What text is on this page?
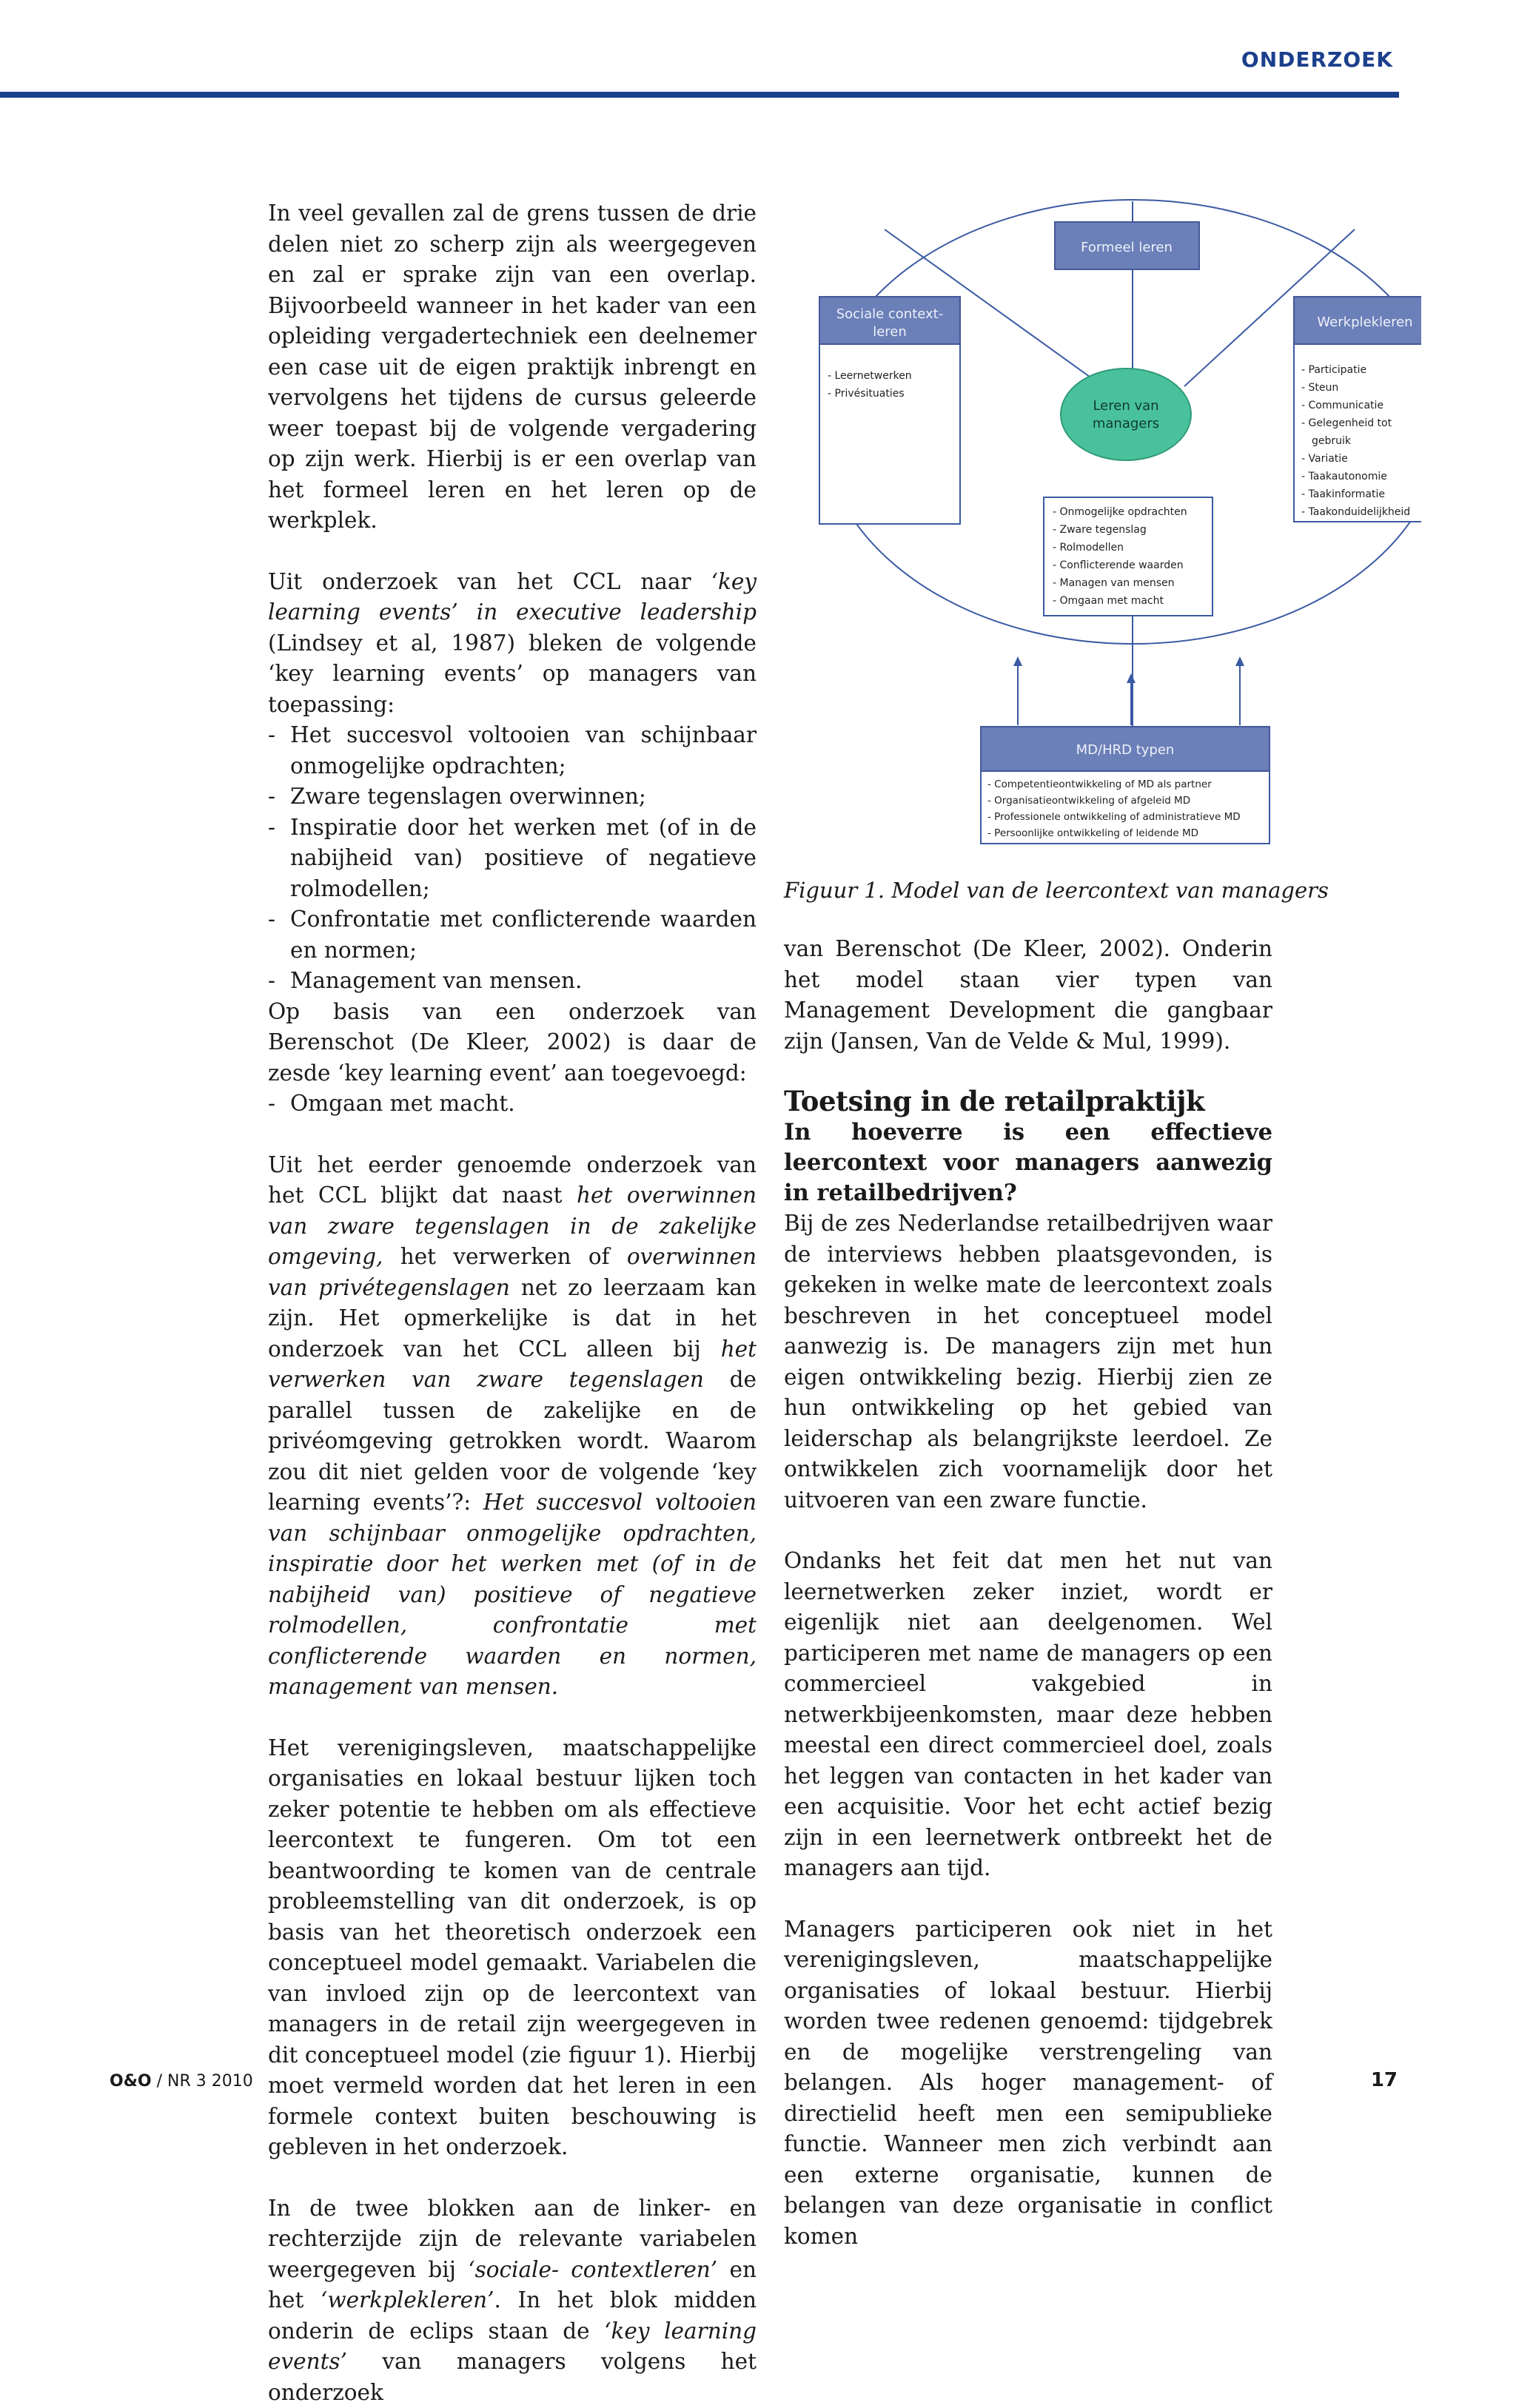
ONDERZOEK

In veel gevallen zal de grens tussen de drie delen niet zo scherp zijn als weergegeven en zal er sprake zijn van een overlap. Bijvoorbeeld wanneer in het kader van een opleiding vergadertechniek een deelnemer een case uit de eigen praktijk inbrengt en vervolgens het tijdens de cursus geleerde weer toepast bij de volgende vergadering op zijn werk. Hierbij is er een overlap van het formeel leren en het leren op de werkplek.

Uit onderzoek van het CCL naar ‘key learning events’ in executive leadership (Lindsey et al, 1987) bleken de volgende ‘key learning events’ op managers van toepassing:

- Het succesvol voltooien van schijnbaar onmogelijke opdrachten;
- Zware tegenslagen overwinnen;
- Inspiratie door het werken met (of in de nabijheid van) positieve of negatieve rolmodellen;
- Confrontatie met conflicterende waarden en normen;
- Management van mensen.

Op basis van een onderzoek van Berenschot (De Kleer, 2002) is daar de zesde ‘key learning event’ aan toegevoegd:

- Omgaan met macht.

Uit het eerder genoemde onderzoek van het CCL blijkt dat naast het overwinnen van zware tegenslagen in de zakelijke omgeving, het verwerken of overwinnen van privétegenslagen net zo leerzaam kan zijn. Het opmerkelijke is dat in het onderzoek van het CCL alleen bij het verwerken van zware tegenslagen de parallel tussen de zakelijke en de privéomgeving getrokken wordt. Waarom zou dit niet gelden voor de volgende ‘key learning events’?: Het succesvol voltooien van schijnbaar onmogelijke opdrachten, inspiratie door het werken met (of in de nabijheid van) positieve of negatieve rolmodellen, confrontatie met conflicterende waarden en normen, management van mensen.

Het verenigingsleven, maatschappelijke organisaties en lokaal bestuur lijken toch zeker potentie te hebben om als effectieve leercontext te fungeren. Om tot een beantwoording te komen van de centrale probleemstelling van dit onderzoek, is op basis van het theoretisch onderzoek een conceptueel model gemaakt. Variabelen die van invloed zijn op de leercontext van managers in de retail zijn weergegeven in dit conceptueel model (zie figuur 1). Hierbij moet vermeld worden dat het leren in een formele context buiten beschouwing is gebleven in het onderzoek.

In de twee blokken aan de linker- en rechterzijde zijn de relevante variabelen weergegeven bij ‘sociale- contextleren’ en het ‘werkplekleren’. In het blok midden onderin de eclips staan de ‘key learning events’ van managers volgens het onderzoek

Formeel leren
Sociale context-
leren
- Leernetwerken
- Privésituaties
Werkplekleren
- Participatie
- Steun
- Communicatie
- Gelegenheid tot
gebruik
- Variatie
- Taakautonomie
- Taakinformatie
- Taakonduidelijkheid
Leren van
managers
- Onmogelijke opdrachten
- Zware tegenslag
- Rolmodellen
- Conflicterende waarden
- Managen van mensen
- Omgaan met macht
MD/HRD typen
- Competentieontwikkeling of MD als partner
- Organisatieontwikkeling of afgeleid MD
- Professionele ontwikkeling of administratieve MD
- Persoonlijke ontwikkeling of leidende MD
Figuur 1. Model van de leercontext van managers

van Berenschot (De Kleer, 2002). Onderin het model staan vier typen van Management Development die gangbaar zijn (Jansen, Van de Velde & Mul, 1999).

Toetsing in de retailpraktijk

In hoeverre is een effectieve leercontext voor managers aanwezig in retailbedrijven?

Bij de zes Nederlandse retailbedrijven waar de interviews hebben plaatsgevonden, is gekeken in welke mate de leercontext zoals beschreven in het conceptueel model aanwezig is. De managers zijn met hun eigen ontwikkeling bezig. Hierbij zien ze hun ontwikkeling op het gebied van leiderschap als belangrijkste leerdoel. Ze ontwikkelen zich voornamelijk door het uitvoeren van een zware functie.

Ondanks het feit dat men het nut van leernetwerken zeker inziet, wordt er eigenlijk niet aan deelgenomen. Wel participeren met name de managers op een commercieel vakgebied in netwerkbijeenkomsten, maar deze hebben meestal een direct commercieel doel, zoals het leggen van contacten in het kader van een acquisitie. Voor het echt actief bezig zijn in een leernetwerk ontbreekt het de managers aan tijd.

Managers participeren ook niet in het verenigingsleven, maatschappelijke organisaties of lokaal bestuur. Hierbij worden twee redenen genoemd: tijdgebrek en de mogelijke verstrengeling van belangen. Als hoger management- of directielid heeft men een semipublieke functie. Wanneer men zich verbindt aan een externe organisatie, kunnen de belangen van deze organisatie in conflict komen

O&O / NR 3 2010	17
